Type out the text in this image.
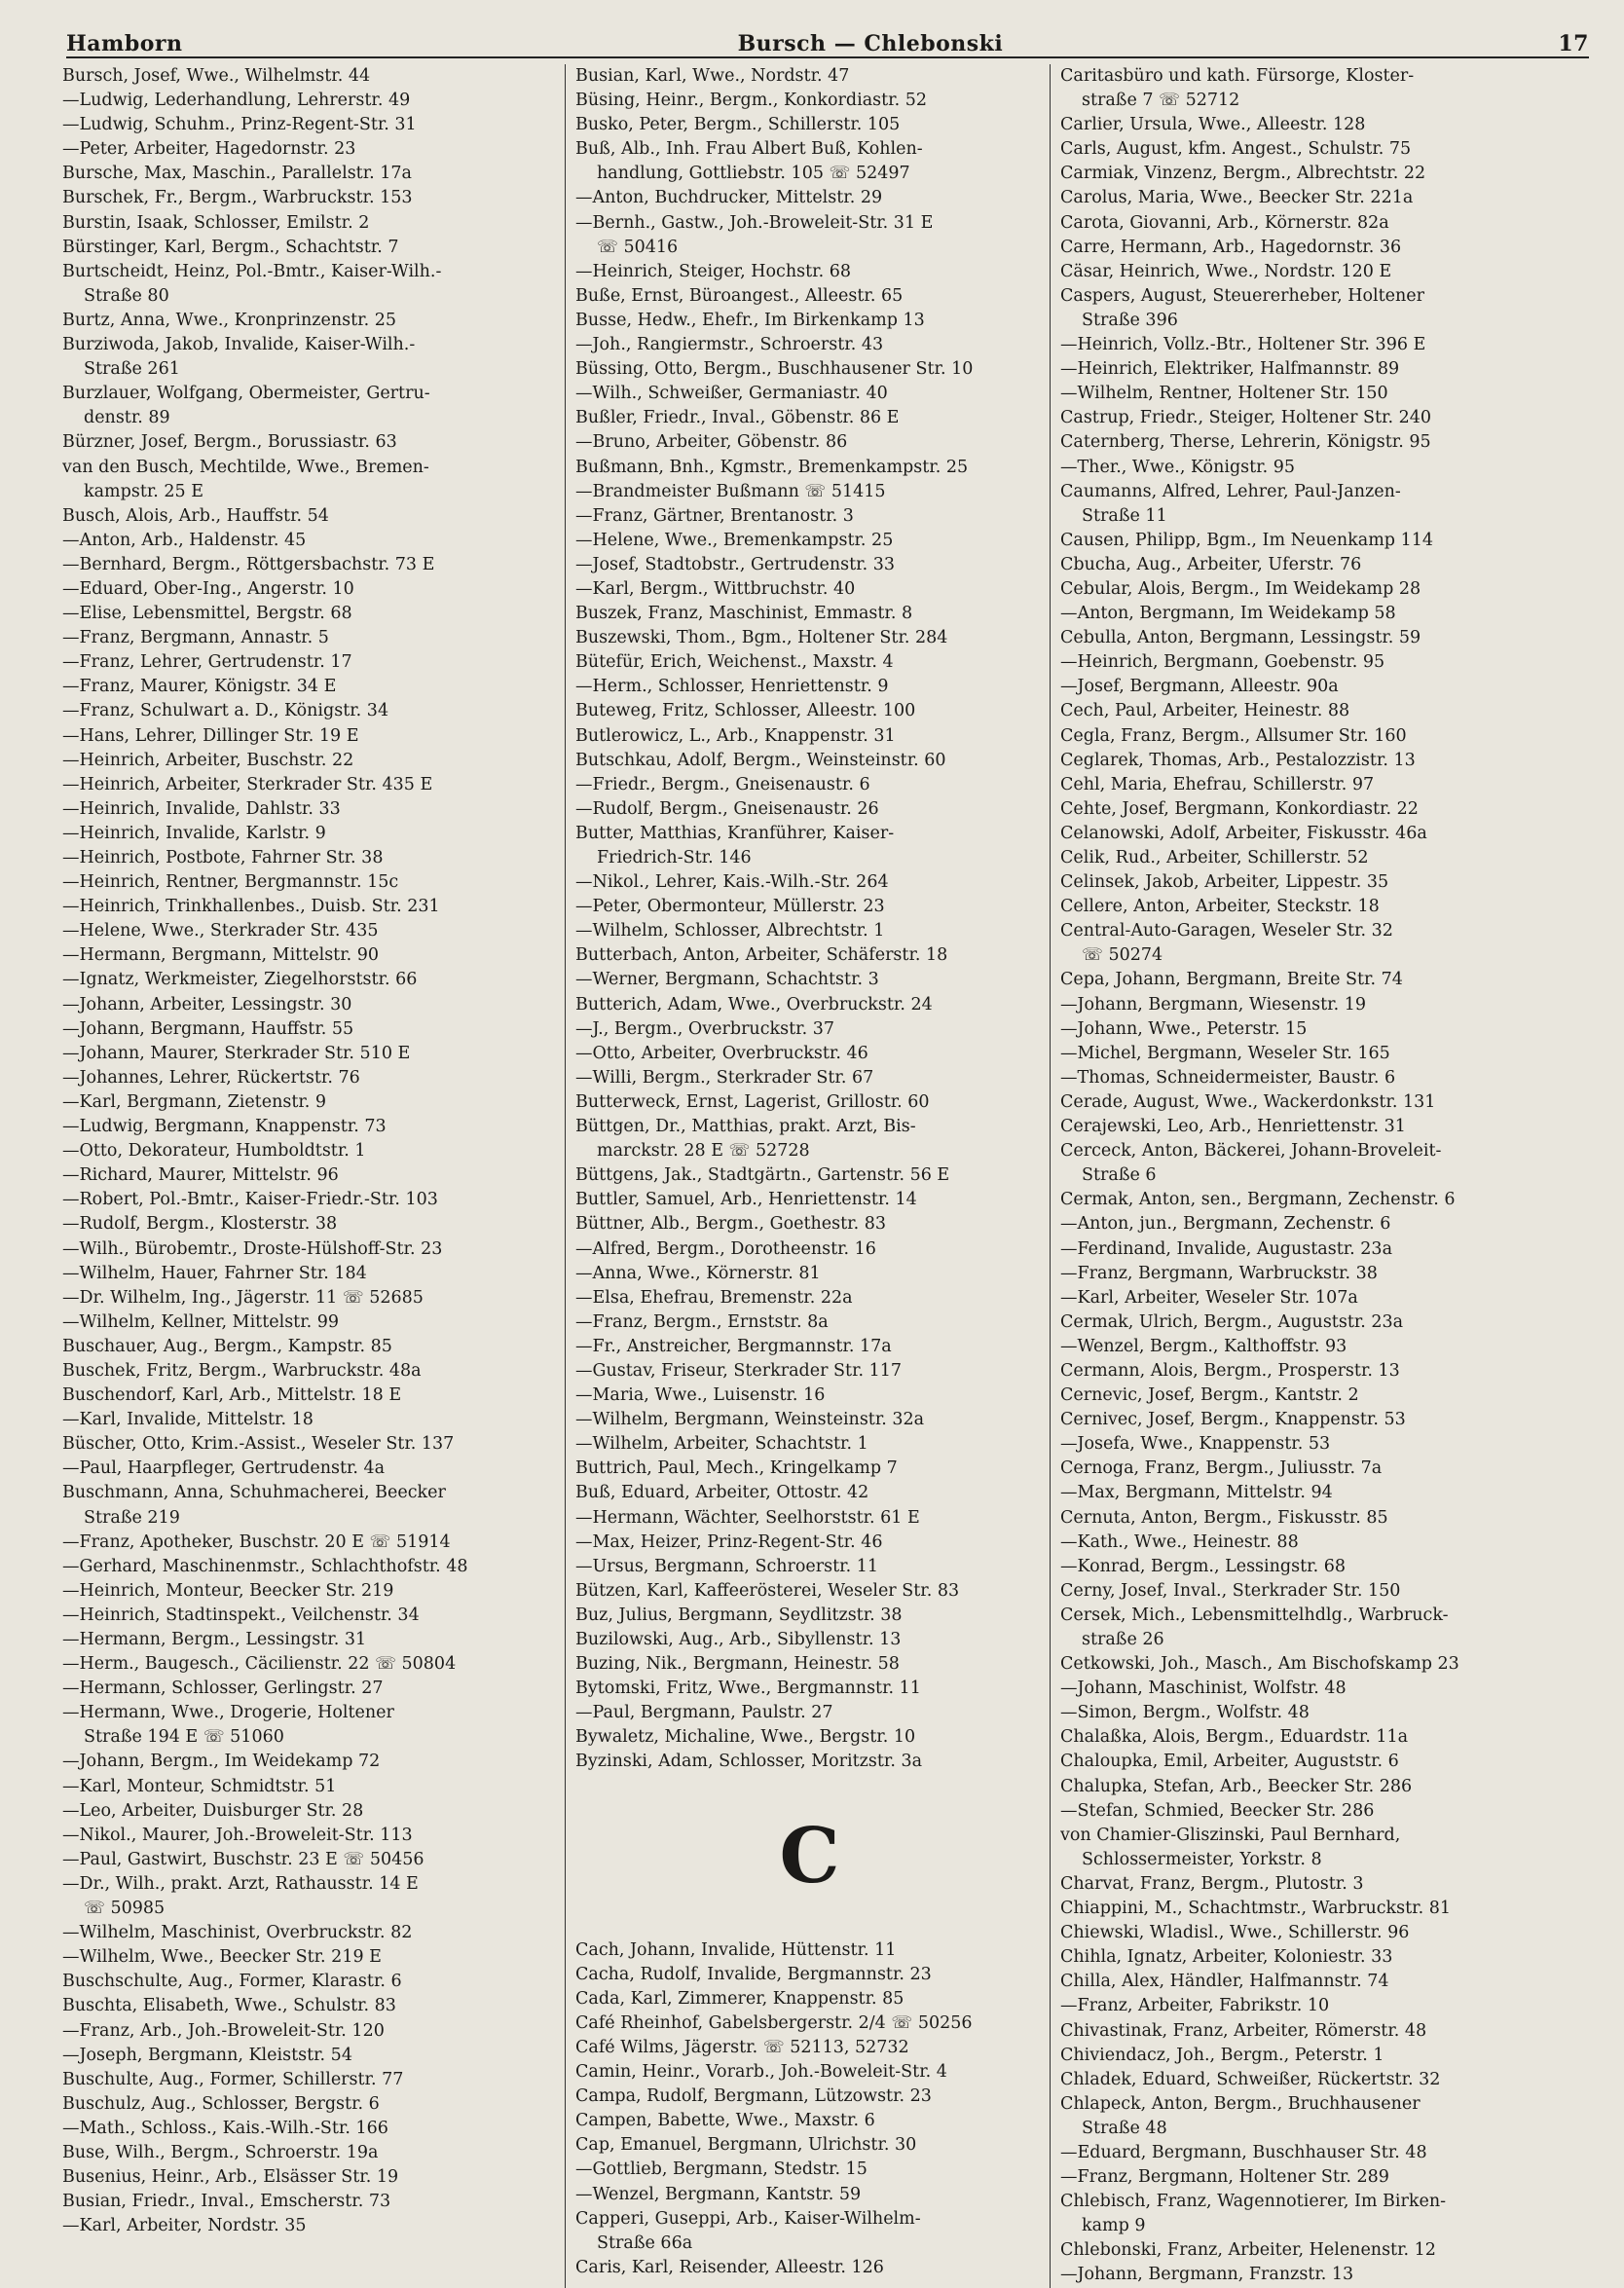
Hamborn	Bursch — Chlebonski	17
Bursch, Josef, Wwe., Wilhelmstr. 44
—Ludwig, Lederhandlung, Lehrerstr. 49
—Ludwig, Schuhm., Prinz-Regent-Str. 31
—Peter, Arbeiter, Hagedornstr. 23
Bursche, Max, Maschin., Parallelstr. 17a
Burschek, Fr., Bergm., Warbruckstr. 153
Burstin, Isaak, Schlosser, Emilstr. 2
Bürstinger, Karl, Bergm., Schachtstr. 7
Burtscheidt, Heinz, Pol.-Bmtr., Kaiser-Wilh.-
Straße 80
Burtz, Anna, Wwe., Kronprinzenstr. 25
Burziwoda, Jakob, Invalide, Kaiser-Wilh.-
Straße 261
Burzlauer, Wolfgang, Obermeister, Gertru-
denstr. 89
Bürzner, Josef, Bergm., Borussiastr. 63
van den Busch, Mechtilde, Wwe., Bremen-
kampstr. 25 E
Busch, Alois, Arb., Hauffstr. 54
—Anton, Arb., Haldenstr. 45
—Bernhard, Bergm., Röttgersbachstr. 73 E
—Eduard, Ober-Ing., Angerstr. 10
—Elise, Lebensmittel, Bergstr. 68
—Franz, Bergmann, Annastr. 5
—Franz, Lehrer, Gertrudenstr. 17
—Franz, Maurer, Königstr. 34 E
—Franz, Schulwart a. D., Königstr. 34
—Hans, Lehrer, Dillinger Str. 19 E
—Heinrich, Arbeiter, Buschstr. 22
—Heinrich, Arbeiter, Sterkrader Str. 435 E
—Heinrich, Invalide, Dahlstr. 33
—Heinrich, Invalide, Karlstr. 9
—Heinrich, Postbote, Fahrner Str. 38
—Heinrich, Rentner, Bergmannstr. 15c
—Heinrich, Trinkhallenbes., Duisb. Str. 231
—Helene, Wwe., Sterkrader Str. 435
—Hermann, Bergmann, Mittelstr. 90
—Ignatz, Werkmeister, Ziegelhorststr. 66
—Johann, Arbeiter, Lessingstr. 30
—Johann, Bergmann, Hauffstr. 55
—Johann, Maurer, Sterkrader Str. 510 E
—Johannes, Lehrer, Rückertstr. 76
—Karl, Bergmann, Zietenstr. 9
—Ludwig, Bergmann, Knappenstr. 73
—Otto, Dekorateur, Humboldtstr. 1
—Richard, Maurer, Mittelstr. 96
—Robert, Pol.-Bmtr., Kaiser-Friedr.-Str. 103
—Rudolf, Bergm., Klosterstr. 38
—Wilh., Bürobemtr., Droste-Hülshoff-Str. 23
—Wilhelm, Hauer, Fahrner Str. 184
—Dr. Wilhelm, Ing., Jägerstr. 11 ☏ 52685
—Wilhelm, Kellner, Mittelstr. 99
Buschauer, Aug., Bergm., Kampstr. 85
Buschek, Fritz, Bergm., Warbruckstr. 48a
Buschendorf, Karl, Arb., Mittelstr. 18 E
—Karl, Invalide, Mittelstr. 18
Büscher, Otto, Krim.-Assist., Weseler Str. 137
—Paul, Haarpfleger, Gertrudenstr. 4a
Buschmann, Anna, Schuhmacherei, Beecker
Straße 219
—Franz, Apotheker, Buschstr. 20 E ☏ 51914
—Gerhard, Maschinenmstr., Schlachthofstr. 48
—Heinrich, Monteur, Beecker Str. 219
—Heinrich, Stadtinspekt., Veilchenstr. 34
—Hermann, Bergm., Lessingstr. 31
—Herm., Baugesch., Cäcilienstr. 22 ☏ 50804
—Hermann, Schlosser, Gerlingstr. 27
—Hermann, Wwe., Drogerie, Holtener
Straße 194 E ☏ 51060
—Johann, Bergm., Im Weidekamp 72
—Karl, Monteur, Schmidtstr. 51
—Leo, Arbeiter, Duisburger Str. 28
—Nikol., Maurer, Joh.-Broweleit-Str. 113
—Paul, Gastwirt, Buschstr. 23 E ☏ 50456
—Dr., Wilh., prakt. Arzt, Rathausstr. 14 E
☏ 50985
—Wilhelm, Maschinist, Overbruckstr. 82
—Wilhelm, Wwe., Beecker Str. 219 E
Buschschulte, Aug., Former, Klarastr. 6
Buschta, Elisabeth, Wwe., Schulstr. 83
—Franz, Arb., Joh.-Broweleit-Str. 120
—Joseph, Bergmann, Kleiststr. 54
Buschulte, Aug., Former, Schillerstr. 77
Buschulz, Aug., Schlosser, Bergstr. 6
—Math., Schloss., Kais.-Wilh.-Str. 166
Buse, Wilh., Bergm., Schroerstr. 19a
Busenius, Heinr., Arb., Elsässer Str. 19
Busian, Friedr., Inval., Emscherstr. 73
—Karl, Arbeiter, Nordstr. 35
Busian, Karl, Wwe., Nordstr. 47
Büsing, Heinr., Bergm., Konkordiastr. 52
Busko, Peter, Bergm., Schillerstr. 105
Buß, Alb., Inh. Frau Albert Buß, Kohlen-
handlung, Gottliebstr. 105 ☏ 52497
—Anton, Buchdrucker, Mittelstr. 29
—Bernh., Gastw., Joh.-Broweleit-Str. 31 E
☏ 50416
—Heinrich, Steiger, Hochstr. 68
Buße, Ernst, Büroangest., Alleestr. 65
Busse, Hedw., Ehefr., Im Birkenkamp 13
—Joh., Rangiermstr., Schroerstr. 43
Büssing, Otto, Bergm., Buschhausener Str. 10
—Wilh., Schweißer, Germaniastr. 40
Bußler, Friedr., Inval., Göbenstr. 86 E
—Bruno, Arbeiter, Göbenstr. 86
Bußmann, Bnh., Kgmstr., Bremenkampstr. 25
—Brandmeister Bußmann ☏ 51415
—Franz, Gärtner, Brentanostr. 3
—Helene, Wwe., Bremenkampstr. 25
—Josef, Stadtobstr., Gertrudenstr. 33
—Karl, Bergm., Wittbruchstr. 40
Buszek, Franz, Maschinist, Emmastr. 8
Buszewski, Thom., Bgm., Holtener Str. 284
Bütefür, Erich, Weichenst., Maxstr. 4
—Herm., Schlosser, Henriettenstr. 9
Buteweg, Fritz, Schlosser, Alleestr. 100
Butlerowicz, L., Arb., Knappenstr. 31
Butschkau, Adolf, Bergm., Weinsteinstr. 60
—Friedr., Bergm., Gneisenaustr. 6
—Rudolf, Bergm., Gneisenaustr. 26
Butter, Matthias, Kranführer, Kaiser-
Friedrich-Str. 146
—Nikol., Lehrer, Kais.-Wilh.-Str. 264
—Peter, Obermonteur, Müllerstr. 23
—Wilhelm, Schlosser, Albrechtstr. 1
Butterbach, Anton, Arbeiter, Schäferstr. 18
—Werner, Bergmann, Schachtstr. 3
Butterich, Adam, Wwe., Overbruckstr. 24
—J., Bergm., Overbruckstr. 37
—Otto, Arbeiter, Overbruckstr. 46
—Willi, Bergm., Sterkrader Str. 67
Butterweck, Ernst, Lagerist, Grillostr. 60
Büttgen, Dr., Matthias, prakt. Arzt, Bis-
marckstr. 28 E ☏ 52728
Büttgens, Jak., Stadtgärtn., Gartenstr. 56 E
Buttler, Samuel, Arb., Henriettenstr. 14
Büttner, Alb., Bergm., Goethestr. 83
—Alfred, Bergm., Dorotheenstr. 16
—Anna, Wwe., Körnerstr. 81
—Elsa, Ehefrau, Bremenstr. 22a
—Franz, Bergm., Ernststr. 8a
—Fr., Anstreicher, Bergmannstr. 17a
—Gustav, Friseur, Sterkrader Str. 117
—Maria, Wwe., Luisenstr. 16
—Wilhelm, Bergmann, Weinsteinstr. 32a
—Wilhelm, Arbeiter, Schachtstr. 1
Buttrich, Paul, Mech., Kringelkamp 7
Buß, Eduard, Arbeiter, Ottostr. 42
—Hermann, Wächter, Seelhorststr. 61 E
—Max, Heizer, Prinz-Regent-Str. 46
—Ursus, Bergmann, Schroerstr. 11
Bützen, Karl, Kaffeerösterei, Weseler Str. 83
Buz, Julius, Bergmann, Seydlitzstr. 38
Buzilowski, Aug., Arb., Sibyllenstr. 13
Buzing, Nik., Bergmann, Heinestr. 58
Bytomski, Fritz, Wwe., Bergmannstr. 11
—Paul, Bergmann, Paulstr. 27
Bywaletz, Michaline, Wwe., Bergstr. 10
Byzinski, Adam, Schlosser, Moritzstr. 3a
C
Cach, Johann, Invalide, Hüttenstr. 11
Cacha, Rudolf, Invalide, Bergmannstr. 23
Cada, Karl, Zimmerer, Knappenstr. 85
Café Rheinhof, Gabelsbergerstr. 2/4 ☏ 50256
Café Wilms, Jägerstr. ☏ 52113, 52732
Camin, Heinr., Vorarb., Joh.-Boweleit-Str. 4
Campa, Rudolf, Bergmann, Lützowstr. 23
Campen, Babette, Wwe., Maxstr. 6
Cap, Emanuel, Bergmann, Ulrichstr. 30
—Gottlieb, Bergmann, Stedstr. 15
—Wenzel, Bergmann, Kantstr. 59
Capperi, Guseppi, Arb., Kaiser-Wilhelm-
Straße 66a
Caris, Karl, Reisender, Alleestr. 126
Caritasbüro und kath. Fürsorge, Kloster-
straße 7 ☏ 52712
Carlier, Ursula, Wwe., Alleestr. 128
Carls, August, kfm. Angest., Schulstr. 75
Carmiak, Vinzenz, Bergm., Albrechtstr. 22
Carolus, Maria, Wwe., Beecker Str. 221a
Carota, Giovanni, Arb., Körnerstr. 82a
Carre, Hermann, Arb., Hagedornstr. 36
Cäsar, Heinrich, Wwe., Nordstr. 120 E
Caspers, August, Steuererheber, Holtener
Straße 396
—Heinrich, Vollz.-Btr., Holtener Str. 396 E
—Heinrich, Elektriker, Halfmannstr. 89
—Wilhelm, Rentner, Holtener Str. 150
Castrup, Friedr., Steiger, Holtener Str. 240
Caternberg, Therse, Lehrerin, Königstr. 95
—Ther., Wwe., Königstr. 95
Caumanns, Alfred, Lehrer, Paul-Janzen-
Straße 11
Causen, Philipp, Bgm., Im Neuenkamp 114
Cbucha, Aug., Arbeiter, Uferstr. 76
Cebular, Alois, Bergm., Im Weidekamp 28
—Anton, Bergmann, Im Weidekamp 58
Cebulla, Anton, Bergmann, Lessingstr. 59
—Heinrich, Bergmann, Goebenstr. 95
—Josef, Bergmann, Alleestr. 90a
Cech, Paul, Arbeiter, Heinestr. 88
Cegla, Franz, Bergm., Allsumer Str. 160
Ceglarek, Thomas, Arb., Pestalozzistr. 13
Cehl, Maria, Ehefrau, Schillerstr. 97
Cehte, Josef, Bergmann, Konkordiastr. 22
Celanowski, Adolf, Arbeiter, Fiskusstr. 46a
Celik, Rud., Arbeiter, Schillerstr. 52
Celinsek, Jakob, Arbeiter, Lippestr. 35
Cellere, Anton, Arbeiter, Steckstr. 18
Central-Auto-Garagen, Weseler Str. 32
☏ 50274
Cepa, Johann, Bergmann, Breite Str. 74
—Johann, Bergmann, Wiesenstr. 19
—Johann, Wwe., Peterstr. 15
—Michel, Bergmann, Weseler Str. 165
—Thomas, Schneidermeister, Baustr. 6
Cerade, August, Wwe., Wackerdonkstr. 131
Cerajewski, Leo, Arb., Henriettenstr. 31
Cerceck, Anton, Bäckerei, Johann-Broveleit-
Straße 6
Cermak, Anton, sen., Bergmann, Zechenstr. 6
—Anton, jun., Bergmann, Zechenstr. 6
—Ferdinand, Invalide, Augustastr. 23a
—Franz, Bergmann, Warbruckstr. 38
—Karl, Arbeiter, Weseler Str. 107a
Cermak, Ulrich, Bergm., Auguststr. 23a
—Wenzel, Bergm., Kalthoffstr. 93
Cermann, Alois, Bergm., Prosperstr. 13
Cernevic, Josef, Bergm., Kantstr. 2
Cernivec, Josef, Bergm., Knappenstr. 53
—Josefa, Wwe., Knappenstr. 53
Cernoga, Franz, Bergm., Juliusstr. 7a
—Max, Bergmann, Mittelstr. 94
Cernuta, Anton, Bergm., Fiskusstr. 85
—Kath., Wwe., Heinestr. 88
—Konrad, Bergm., Lessingstr. 68
Cerny, Josef, Inval., Sterkrader Str. 150
Cersek, Mich., Lebensmittelhdlg., Warbruck-
straße 26
Cetkowski, Joh., Masch., Am Bischofskamp 23
—Johann, Maschinist, Wolfstr. 48
—Simon, Bergm., Wolfstr. 48
Chalaßka, Alois, Bergm., Eduardstr. 11a
Chaloupka, Emil, Arbeiter, Auguststr. 6
Chalupka, Stefan, Arb., Beecker Str. 286
—Stefan, Schmied, Beecker Str. 286
von Chamier-Gliszinski, Paul Bernhard,
Schlossermeister, Yorkstr. 8
Charvat, Franz, Bergm., Plutostr. 3
Chiappini, M., Schachtmstr., Warbruckstr. 81
Chiewski, Wladisl., Wwe., Schillerstr. 96
Chihla, Ignatz, Arbeiter, Koloniestr. 33
Chilla, Alex, Händler, Halfmannstr. 74
—Franz, Arbeiter, Fabrikstr. 10
Chivastinak, Franz, Arbeiter, Römerstr. 48
Chiviendacz, Joh., Bergm., Peterstr. 1
Chladek, Eduard, Schweißer, Rückertstr. 32
Chlapeck, Anton, Bergm., Bruchhausener
Straße 48
—Eduard, Bergmann, Buschhauser Str. 48
—Franz, Bergmann, Holtener Str. 289
Chlebisch, Franz, Wagennotierer, Im Birken-
kamp 9
Chlebonski, Franz, Arbeiter, Helenenstr. 12
—Johann, Bergmann, Franzstr. 13
